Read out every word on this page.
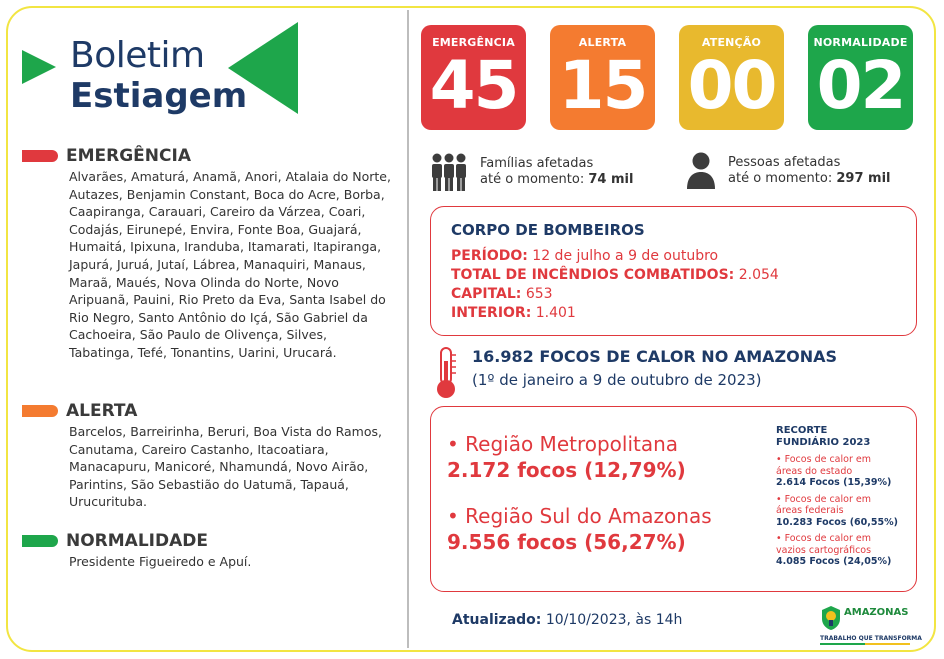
Boletim
Estiagem
EMERGÊNCIA
Alvarães, Amaturá, Anamã, Anori, Atalaia do Norte, Autazes, Benjamin Constant, Boca do Acre, Borba, Caapiranga, Carauari, Careiro da Várzea, Coari, Codajás, Eirunepé, Envira, Fonte Boa, Guajará, Humaitá, Ipixuna, Iranduba, Itamarati, Itapiranga, Japurá, Juruá, Jutaí, Lábrea, Manaquiri, Manaus, Maraã, Maués, Nova Olinda do Norte, Novo Aripuanã, Pauini, Rio Preto da Eva, Santa Isabel do Rio Negro, Santo Antônio do Içá, São Gabriel da Cachoeira, São Paulo de Olivença, Silves, Tabatinga, Tefé, Tonantins, Uarini, Urucará.
ALERTA
Barcelos, Barreirinha, Beruri, Boa Vista do Ramos, Canutama, Careiro Castanho, Itacoatiara, Manacapuru, Manicoré, Nhamundá, Novo Airão, Parintins, São Sebastião do Uatumã, Tapauá, Urucurituba.
NORMALIDADE
Presidente Figueiredo e Apuí.
EMERGÊNCIA
45
ALERTA
15
ATENÇÃO
00
NORMALIDADE
02
Famílias afetadas
até o momento: 74 mil
Pessoas afetadas
até o momento: 297 mil
CORPO DE BOMBEIROS
PERÍODO: 12 de julho a 9 de outubro
TOTAL DE INCÊNDIOS COMBATIDOS: 2.054
CAPITAL: 653
INTERIOR: 1.401
16.982 FOCOS DE CALOR NO AMAZONAS
(1º de janeiro a 9 de outubro de 2023)
• Região Metropolitana
2.172 focos (12,79%)
• Região Sul do Amazonas
9.556 focos (56,27%)
RECORTE
FUNDIÁRIO 2023
• Focos de calor em
áreas do estado
2.614 Focos (15,39%)
• Focos de calor em
áreas federais
10.283 Focos (60,55%)
• Focos de calor em
vazios cartográficos
4.085 Focos (24,05%)
Atualizado: 10/10/2023, às 14h	AMAZONAS
TRABALHO QUE TRANSFORMA
